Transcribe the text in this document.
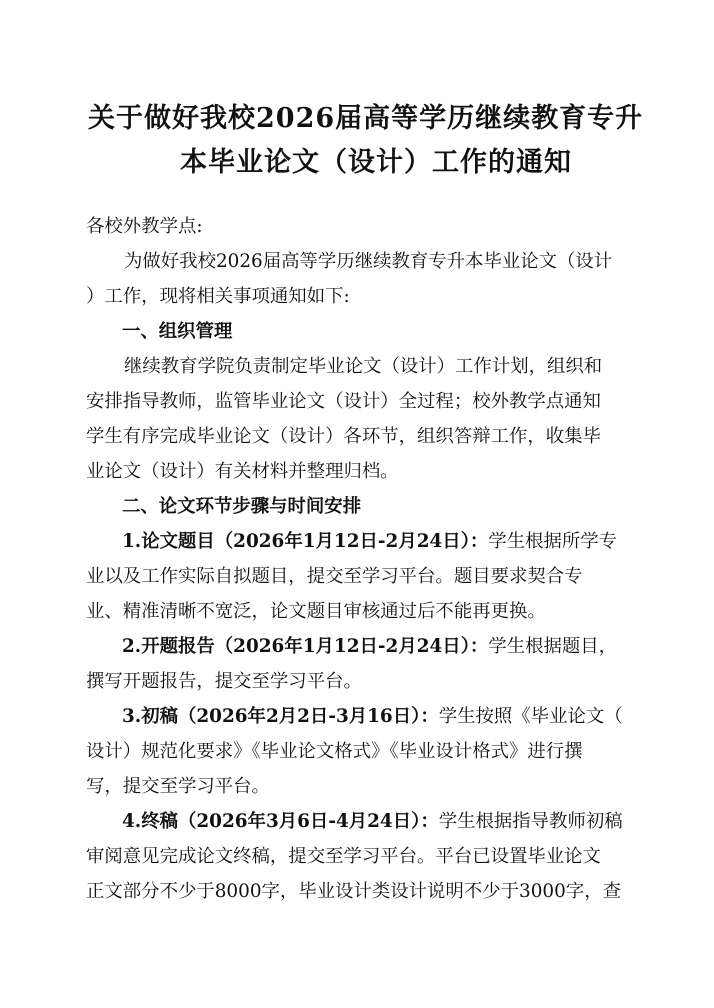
关于做好我校2026届高等学历继续教育专升
本毕业论文（设计）工作的通知
各校外教学点:
为做好我校2026届高等学历继续教育专升本毕业论文（设计
）工作，现将相关事项通知如下:
一、组织管理
继续教育学院负责制定毕业论文（设计）工作计划，组织和
安排指导教师，监管毕业论文（设计）全过程；校外教学点通知
学生有序完成毕业论文（设计）各环节，组织答辩工作，收集毕
业论文（设计）有关材料并整理归档。
二、论文环节步骤与时间安排
1.论文题目（2026年1月12日-2月24日）：学生根据所学专
业以及工作实际自拟题目，提交至学习平台。题目要求契合专
业、精准清晰不宽泛，论文题目审核通过后不能再更换。
2.开题报告（2026年1月12日-2月24日）：学生根据题目，
撰写开题报告，提交至学习平台。
3.初稿（2026年2月2日-3月16日）：学生按照《毕业论文（
设计）规范化要求》《毕业论文格式》《毕业设计格式》进行撰
写，提交至学习平台。
4.终稿（2026年3月6日-4月24日）：学生根据指导教师初稿
审阅意见完成论文终稿，提交至学习平台。平台已设置毕业论文
正文部分不少于8000字，毕业设计类设计说明不少于3000字，查
